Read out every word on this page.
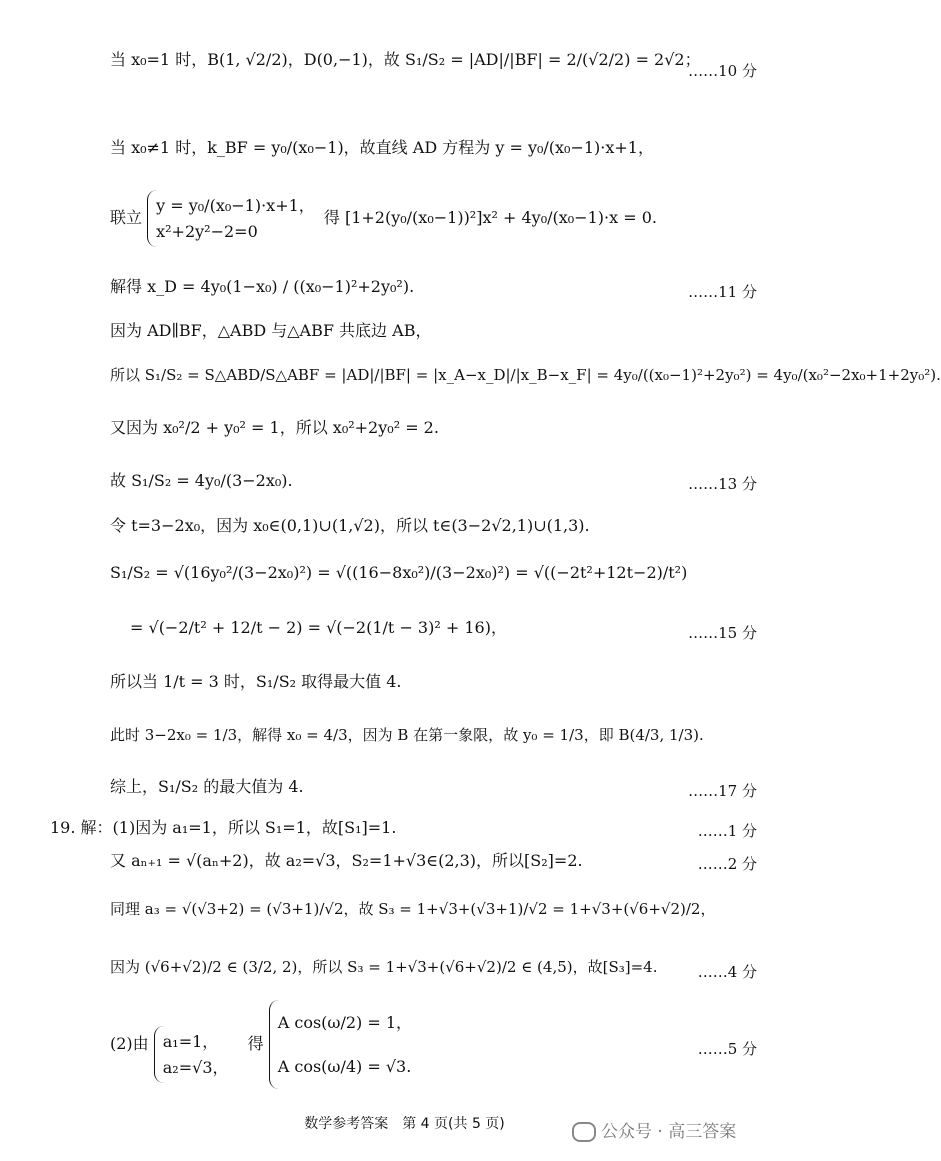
当 x₀=1 时，B(1, √2/2)，D(0,−1)，故 S₁/S₂ = |AD|/|BF| = 2/(√2/2) = 2√2；
……10 分
当 x₀≠1 时，k_BF = y₀/(x₀−1)，故直线 AD 方程为 y = y₀/(x₀−1)·x+1，
联立
y = y₀/(x₀−1)·x+1，
x²+2y²−2=0
得 [1+2(y₀/(x₀−1))²]x² + 4y₀/(x₀−1)·x = 0.
解得 x_D = 4y₀(1−x₀) / ((x₀−1)²+2y₀²).	……11 分
因为 AD∥BF，△ABD 与△ABF 共底边 AB，
所以 S₁/S₂ = S△ABD/S△ABF = |AD|/|BF| = |x_A−x_D|/|x_B−x_F| = 4y₀/((x₀−1)²+2y₀²) = 4y₀/(x₀²−2x₀+1+2y₀²).
又因为 x₀²/2 + y₀² = 1，所以 x₀²+2y₀² = 2.
故 S₁/S₂ = 4y₀/(3−2x₀).	……13 分
令 t=3−2x₀，因为 x₀∈(0,1)∪(1,√2)，所以 t∈(3−2√2,1)∪(1,3).
S₁/S₂ = √(16y₀²/(3−2x₀)²) = √((16−8x₀²)/(3−2x₀)²) = √((−2t²+12t−2)/t²)
= √(−2/t² + 12/t − 2) = √(−2(1/t − 3)² + 16)，	……15 分
所以当 1/t = 3 时，S₁/S₂ 取得最大值 4.
此时 3−2x₀ = 1/3，解得 x₀ = 4/3，因为 B 在第一象限，故 y₀ = 1/3，即 B(4/3, 1/3).
综上，S₁/S₂ 的最大值为 4.	……17 分
19. 解：(1)因为 a₁=1，所以 S₁=1，故[S₁]=1.	……1 分
又 aₙ₊₁ = √(aₙ+2)，故 a₂=√3，S₂=1+√3∈(2,3)，所以[S₂]=2.	……2 分
同理 a₃ = √(√3+2) = (√3+1)/√2，故 S₃ = 1+√3+(√3+1)/√2 = 1+√3+(√6+√2)/2，
因为 (√6+√2)/2 ∈ (3/2, 2)，所以 S₃ = 1+√3+(√6+√2)/2 ∈ (4,5)，故[S₃]=4.	……4 分
(2)由 a₁=1，
a₂=√3，
得
A cos(ω/2) = 1，
A cos(ω/4) = √3.
……5 分
数学参考答案　第 4 页(共 5 页)	公众号 · 高三答案
